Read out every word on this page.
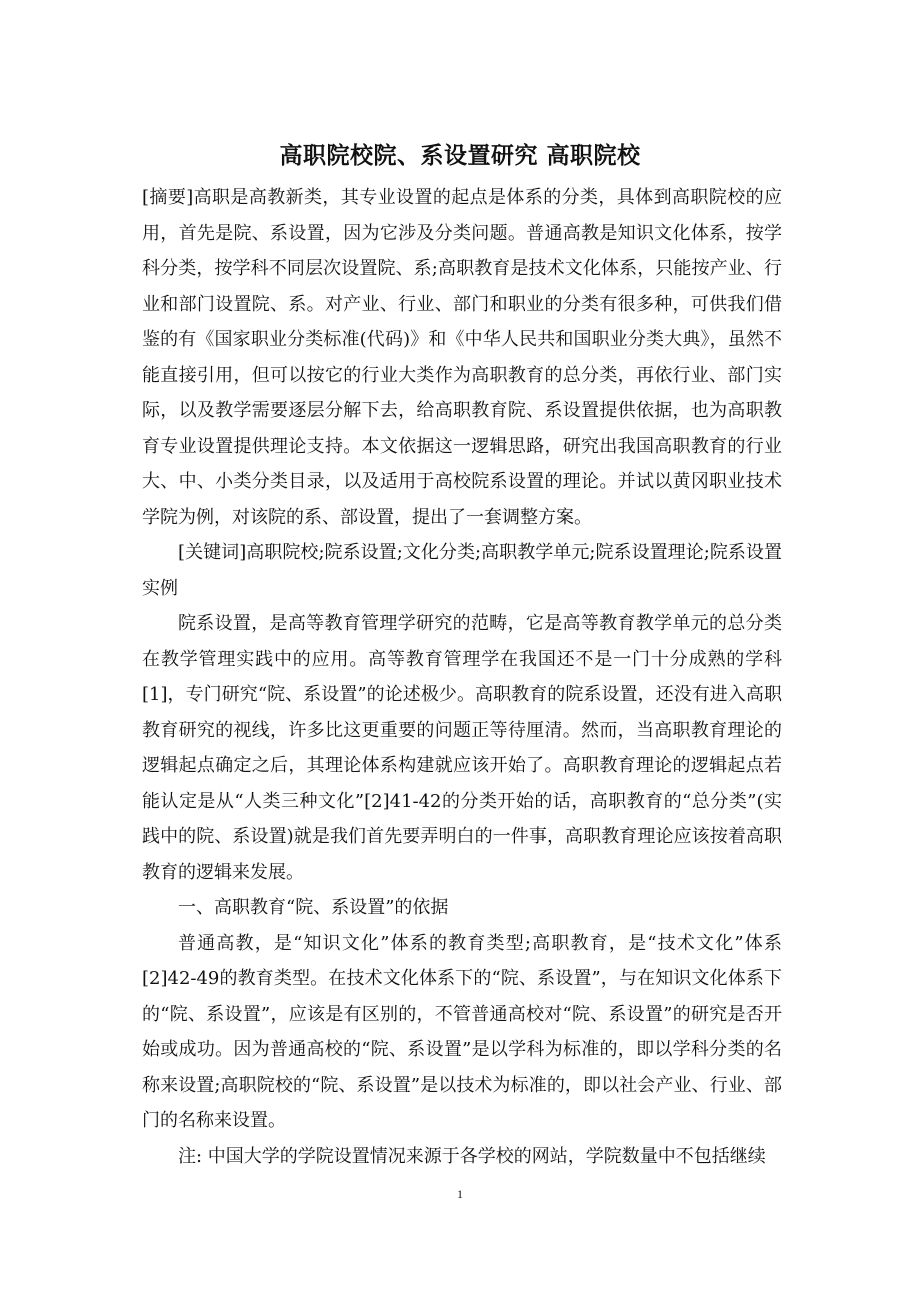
高职院校院、系设置研究 高职院校

[摘要]高职是高教新类，其专业设置的起点是体系的分类，具体到高职院校的应用，首先是院、系设置，因为它涉及分类问题。普通高教是知识文化体系，按学科分类，按学科不同层次设置院、系;高职教育是技术文化体系，只能按产业、行业和部门设置院、系。对产业、行业、部门和职业的分类有很多种，可供我们借鉴的有《国家职业分类标准(代码)》和《中华人民共和国职业分类大典》，虽然不能直接引用，但可以按它的行业大类作为高职教育的总分类，再依行业、部门实际，以及教学需要逐层分解下去，给高职教育院、系设置提供依据，也为高职教育专业设置提供理论支持。本文依据这一逻辑思路，研究出我国高职教育的行业大、中、小类分类目录，以及适用于高校院系设置的理论。并试以黄冈职业技术学院为例，对该院的系、部设置，提出了一套调整方案。

[关键词]高职院校;院系设置;文化分类;高职教学单元;院系设置理论;院系设置实例

院系设置，是高等教育管理学研究的范畴，它是高等教育教学单元的总分类在教学管理实践中的应用。高等教育管理学在我国还不是一门十分成熟的学科[1]，专门研究“院、系设置”的论述极少。高职教育的院系设置，还没有进入高职教育研究的视线，许多比这更重要的问题正等待厘清。然而，当高职教育理论的逻辑起点确定之后，其理论体系构建就应该开始了。高职教育理论的逻辑起点若能认定是从“人类三种文化”[2]41-42的分类开始的话，高职教育的“总分类”(实践中的院、系设置)就是我们首先要弄明白的一件事，高职教育理论应该按着高职教育的逻辑来发展。

一、高职教育“院、系设置”的依据

普通高教，是“知识文化”体系的教育类型;高职教育，是“技术文化”体系[2]42-49的教育类型。在技术文化体系下的“院、系设置”，与在知识文化体系下的“院、系设置”，应该是有区别的，不管普通高校对“院、系设置”的研究是否开始或成功。因为普通高校的“院、系设置”是以学科为标准的，即以学科分类的名称来设置;高职院校的“院、系设置”是以技术为标准的，即以社会产业、行业、部门的名称来设置。

注: 中国大学的学院设置情况来源于各学校的网站，学院数量中不包括继续

1
